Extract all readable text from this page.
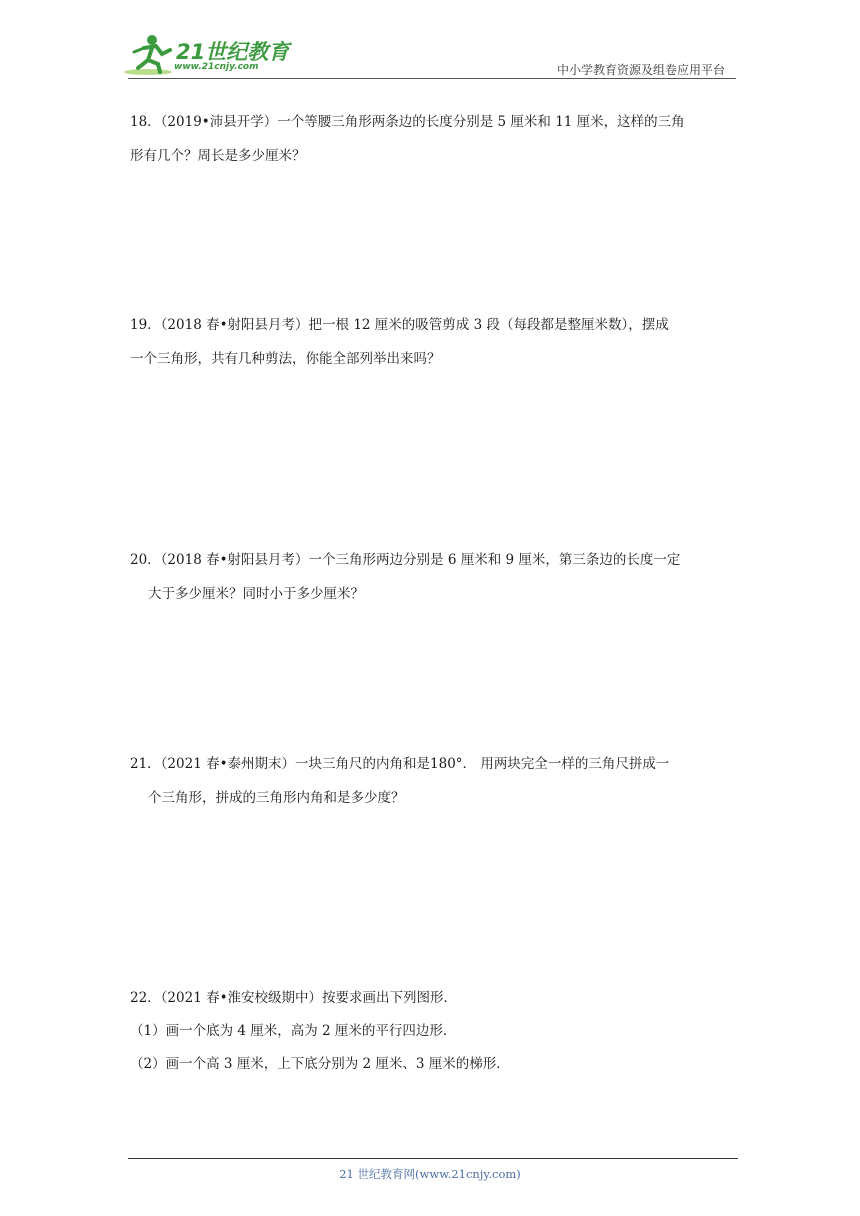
21世纪教育
www.21cnjy.com	中小学教育资源及组卷应用平台

18．（2019•沛县开学）一个等腰三角形两条边的长度分别是 5 厘米和 11 厘米，这样的三角

形有几个？周长是多少厘米？

19．（2018 春•射阳县月考）把一根 12 厘米的吸管剪成 3 段（每段都是整厘米数），摆成

一个三角形，共有几种剪法，你能全部列举出来吗？

20．（2018 春•射阳县月考）一个三角形两边分别是 6 厘米和 9 厘米，第三条边的长度一定

大于多少厘米？同时小于多少厘米？

21．（2021 春•泰州期末）一块三角尺的内角和是180°． 用两块完全一样的三角尺拼成一

个三角形，拼成的三角形内角和是多少度？

22．（2021 春•淮安校级期中）按要求画出下列图形．

（1）画一个底为 4 厘米，高为 2 厘米的平行四边形．

（2）画一个高 3 厘米，上下底分别为 2 厘米、3 厘米的梯形．

21 世纪教育网(www.21cnjy.com)
